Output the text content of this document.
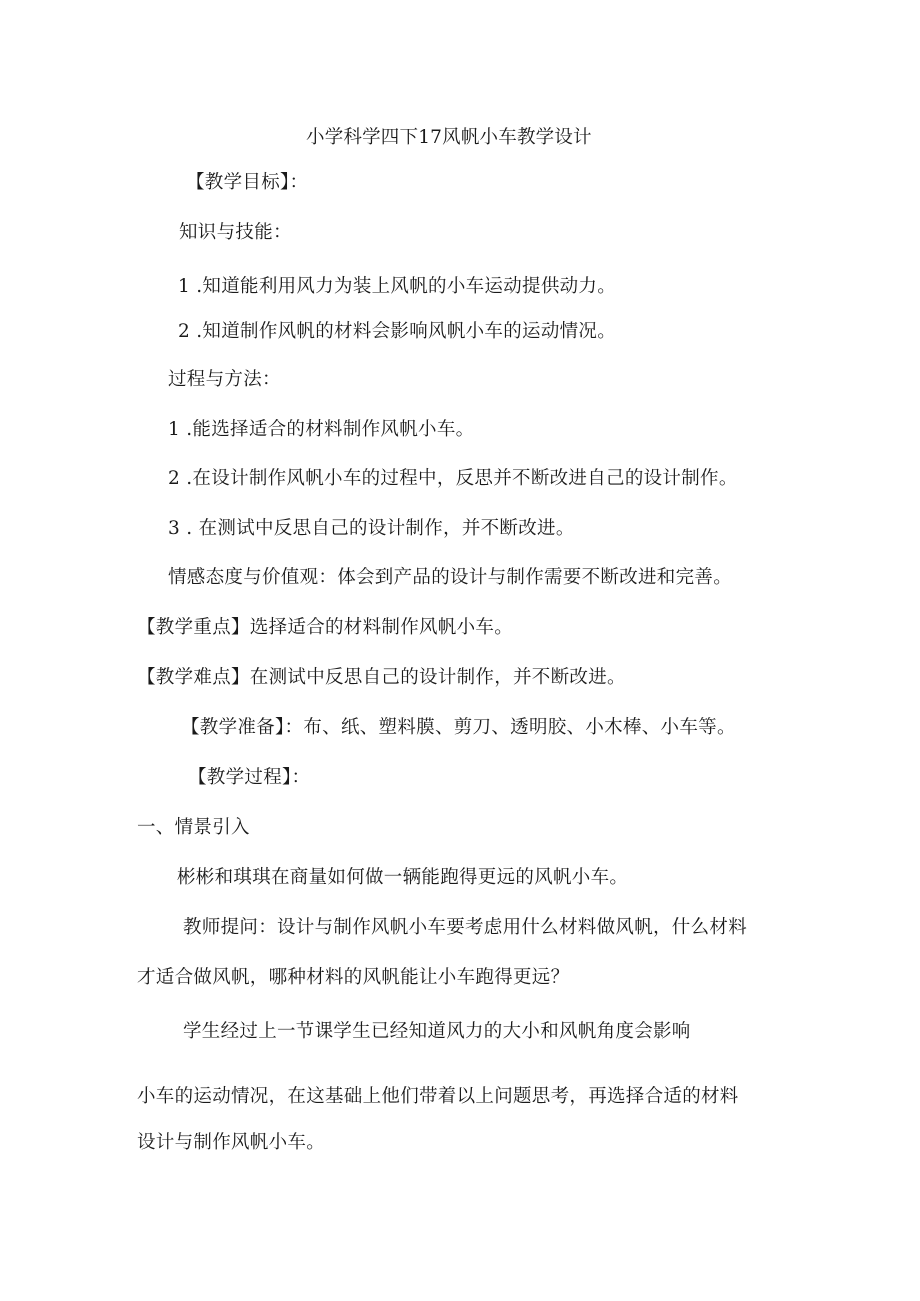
小学科学四下17风帆小车教学设计
【教学目标】：
知识与技能：
1 .知道能利用风力为装上风帆的小车运动提供动力。
2 .知道制作风帆的材料会影响风帆小车的运动情况。
过程与方法：
1 .能选择适合的材料制作风帆小车。
2 .在设计制作风帆小车的过程中，反思并不断改进自己的设计制作。
3 . 在测试中反思自己的设计制作，并不断改进。
情感态度与价值观：体会到产品的设计与制作需要不断改进和完善。
【教学重点】选择适合的材料制作风帆小车。
【教学难点】在测试中反思自己的设计制作，并不断改进。
【教学准备】：布、纸、塑料膜、剪刀、透明胶、小木棒、小车等。
【教学过程】：
一、情景引入
彬彬和琪琪在商量如何做一辆能跑得更远的风帆小车。
教师提问：设计与制作风帆小车要考虑用什么材料做风帆，什么材料
才适合做风帆，哪种材料的风帆能让小车跑得更远？
学生经过上一节课学生已经知道风力的大小和风帆角度会影响
小车的运动情况，在这基础上他们带着以上问题思考，再选择合适的材料
设计与制作风帆小车。
